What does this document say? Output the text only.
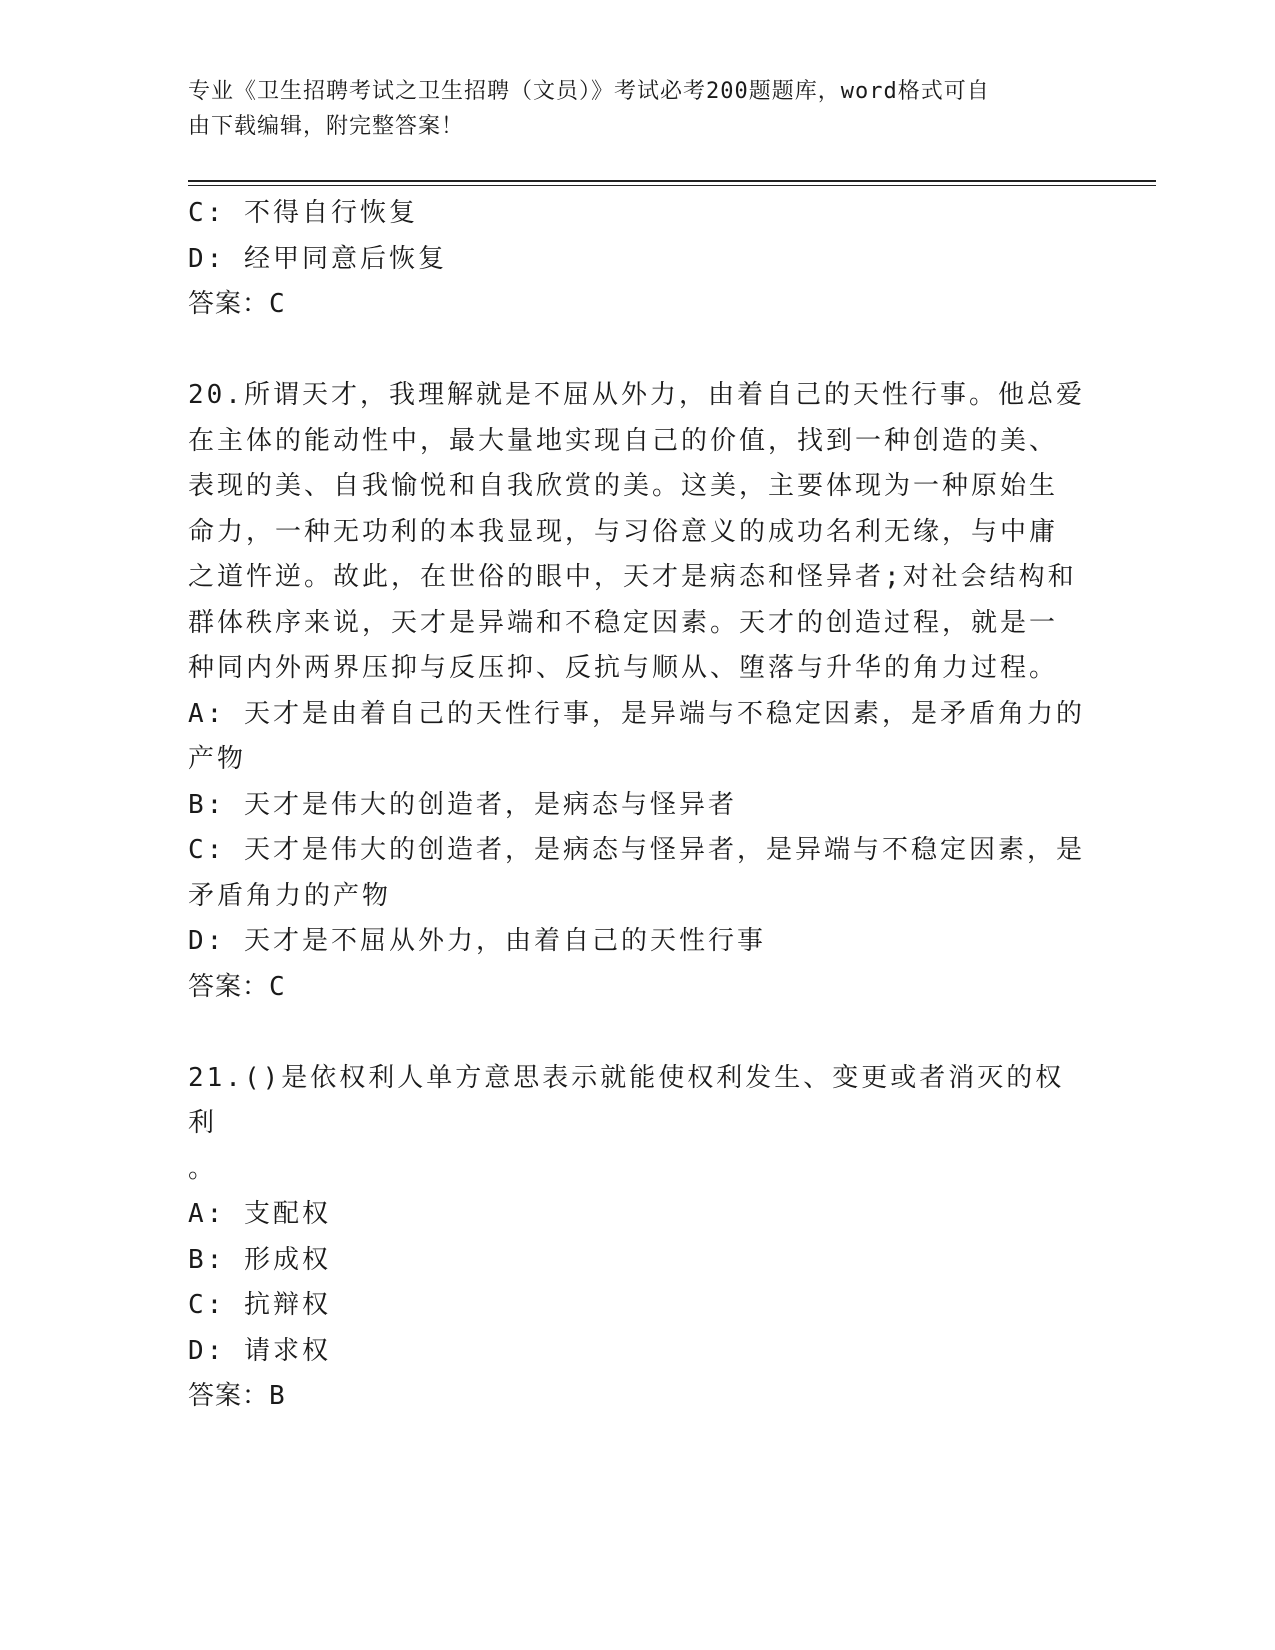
专业《卫生招聘考试之卫生招聘（文员）》考试必考200题题库，word格式可自
由下载编辑，附完整答案！
C: 不得自行恢复
D: 经甲同意后恢复
答案：C
20.所谓天才，我理解就是不屈从外力，由着自己的天性行事。他总爱
在主体的能动性中，最大量地实现自己的价值，找到一种创造的美、
表现的美、自我愉悦和自我欣赏的美。这美，主要体现为一种原始生
命力，一种无功利的本我显现，与习俗意义的成功名利无缘，与中庸
之道忤逆。故此，在世俗的眼中，天才是病态和怪异者;对社会结构和
群体秩序来说，天才是异端和不稳定因素。天才的创造过程，就是一
种同内外两界压抑与反压抑、反抗与顺从、堕落与升华的角力过程。
A: 天才是由着自己的天性行事，是异端与不稳定因素，是矛盾角力的
产物
B: 天才是伟大的创造者，是病态与怪异者
C: 天才是伟大的创造者，是病态与怪异者，是异端与不稳定因素，是
矛盾角力的产物
D: 天才是不屈从外力，由着自己的天性行事
答案：C
21.()是依权利人单方意思表示就能使权利发生、变更或者消灭的权利
。
A: 支配权
B: 形成权
C: 抗辩权
D: 请求权
答案：B
